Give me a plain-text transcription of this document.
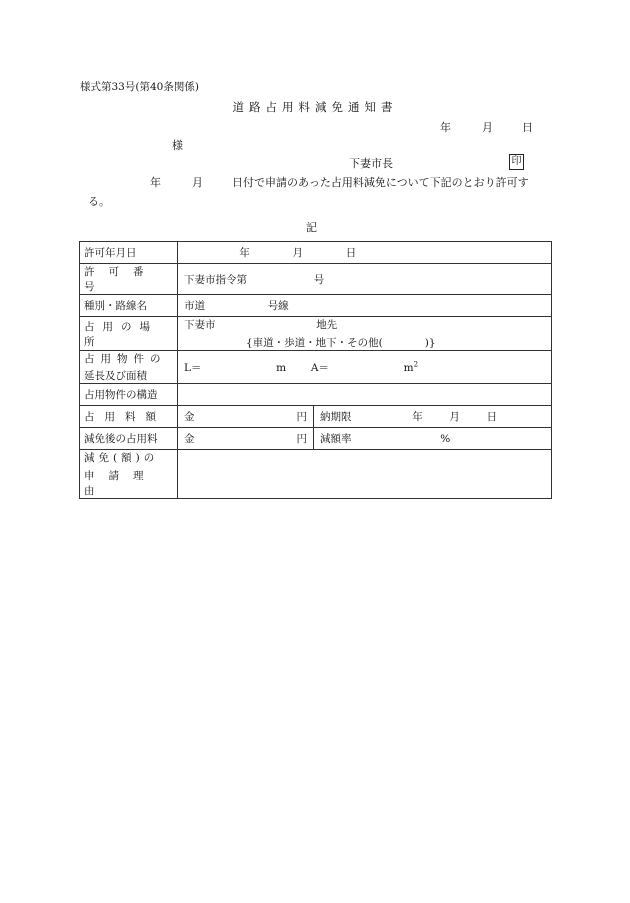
様式第33号(第40条関係)
道路占用料減免通知書
年	月	日
様
下妻市長	印
年	月	日付で申請のあった占用料減免について下記のとおり許可す
る。
記
許可年月日	年 月 日	

許可番号	下妻市指令第 号	

種別・路線名	市道 号線	

占用の場所	下妻市 地先
{車道・歩道・地下・その他(　　　　)}	

占用物件の
延長及び面積	L＝ m $A= m^2$
占用物件の構造		

占用料額	金 円	納期限 年 月 日
減免後の占用料	金 円	減額率 %

減免(額)の
申請理由		
